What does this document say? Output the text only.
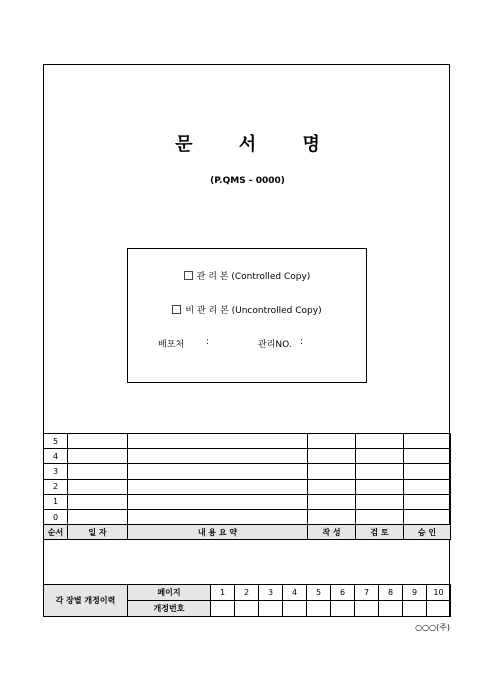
문 서 명
(P.QMS - 0000)
관 리 본 (Controlled Copy)
비 관 리 본 (Uncontrolled Copy)
배포처 :	관리NO. :
5					
4					
3					
2					
1					
0					
순서	일 자	내 용 요 약	작 성	검 토	승 인
각 장별 개정이력	페이지	1	2	3	4	5	6	7	8	9	10
	개정번호										
○○○(주)
